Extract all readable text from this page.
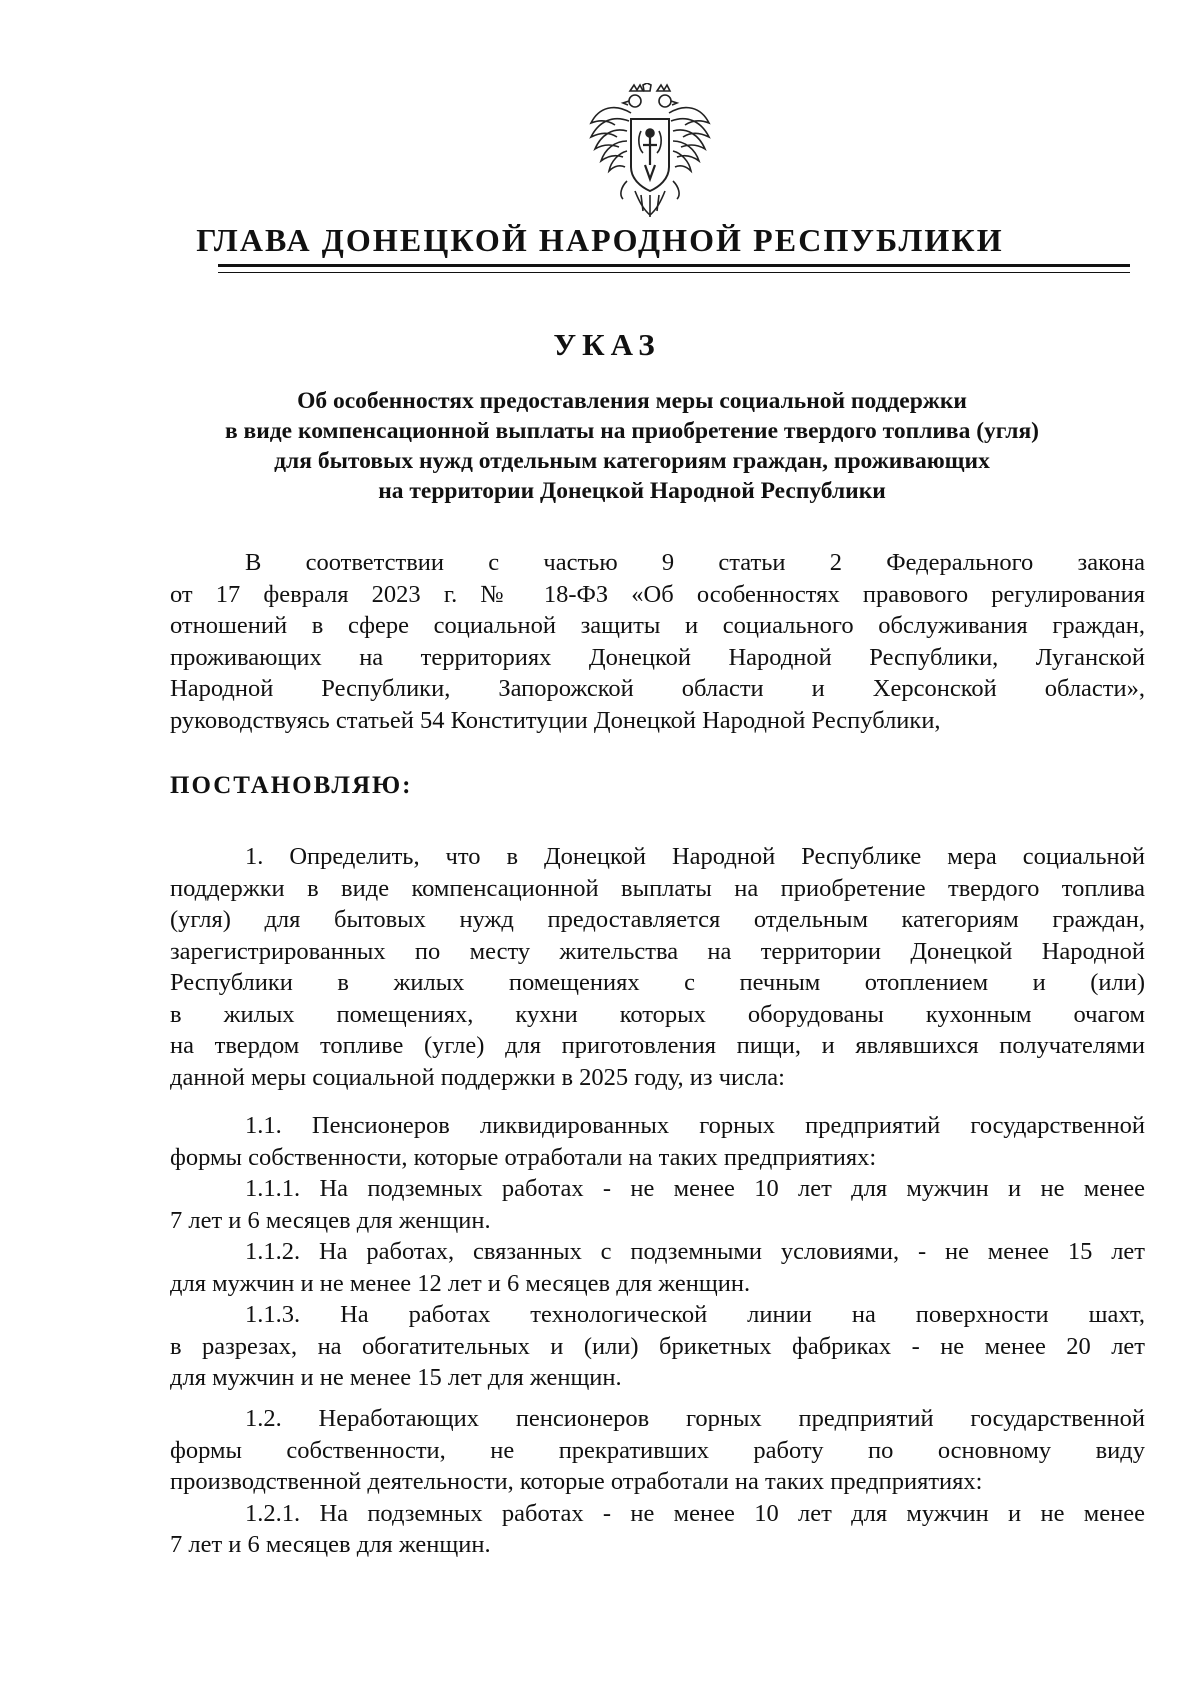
ГЛАВА ДОНЕЦКОЙ НАРОДНОЙ РЕСПУБЛИКИ
УКАЗ
Об особенностях предоставления меры социальной поддержки
в виде компенсационной выплаты на приобретение твердого топлива (угля)
для бытовых нужд отдельным категориям граждан, проживающих
на территории Донецкой Народной Республики
В соответствии с частью 9 статьи 2 Федерального закона
от 17 февраля 2023 г. № 18-ФЗ «Об особенностях правового регулирования
отношений в сфере социальной защиты и социального обслуживания граждан,
проживающих на территориях Донецкой Народной Республики, Луганской
Народной Республики, Запорожской области и Херсонской области»,
руководствуясь статьей 54 Конституции Донецкой Народной Республики,
ПОСТАНОВЛЯЮ:
1. Определить, что в Донецкой Народной Республике мера социальной
поддержки в виде компенсационной выплаты на приобретение твердого топлива
(угля) для бытовых нужд предоставляется отдельным категориям граждан,
зарегистрированных по месту жительства на территории Донецкой Народной
Республики в жилых помещениях с печным отоплением и (или)
в жилых помещениях, кухни которых оборудованы кухонным очагом
на твердом топливе (угле) для приготовления пищи, и являвшихся получателями
данной меры социальной поддержки в 2025 году, из числа:
1.1. Пенсионеров ликвидированных горных предприятий государственной
формы собственности, которые отработали на таких предприятиях:
1.1.1. На подземных работах - не менее 10 лет для мужчин и не менее
7 лет и 6 месяцев для женщин.
1.1.2. На работах, связанных с подземными условиями, - не менее 15 лет
для мужчин и не менее 12 лет и 6 месяцев для женщин.
1.1.3. На работах технологической линии на поверхности шахт,
в разрезах, на обогатительных и (или) брикетных фабриках - не менее 20 лет
для мужчин и не менее 15 лет для женщин.
1.2. Неработающих пенсионеров горных предприятий государственной
формы собственности, не прекративших работу по основному виду
производственной деятельности, которые отработали на таких предприятиях:
1.2.1. На подземных работах - не менее 10 лет для мужчин и не менее
7 лет и 6 месяцев для женщин.
